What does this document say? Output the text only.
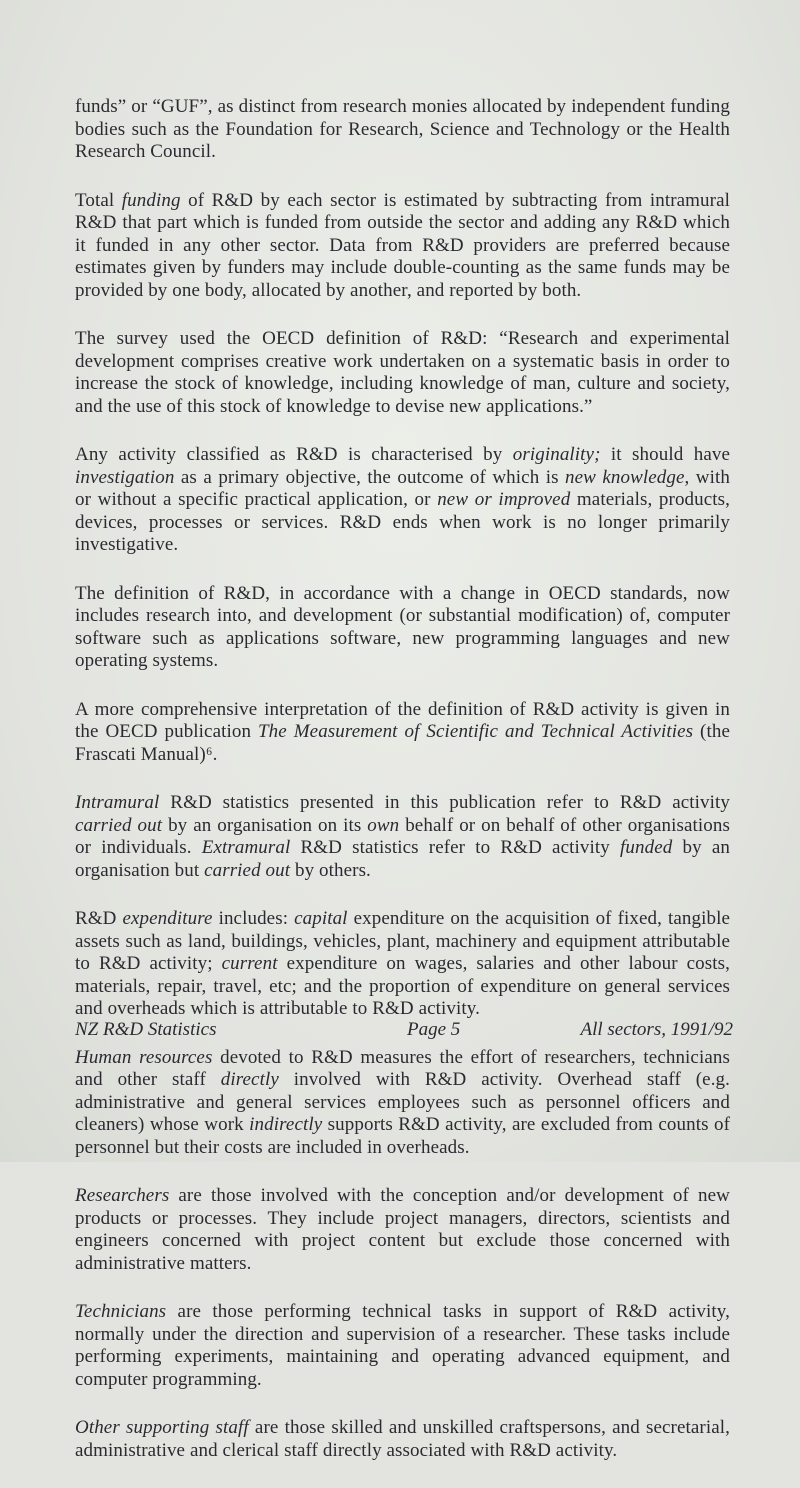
funds” or “GUF”, as distinct from research monies allocated by independent funding bodies such as the Foundation for Research, Science and Technology or the Health Research Council.

Total funding of R&D by each sector is estimated by subtracting from intramural R&D that part which is funded from outside the sector and adding any R&D which it funded in any other sector. Data from R&D providers are preferred because estimates given by funders may include double-counting as the same funds may be provided by one body, allocated by another, and reported by both.

The survey used the OECD definition of R&D: “Research and experimental development comprises creative work undertaken on a systematic basis in order to increase the stock of knowledge, including knowledge of man, culture and society, and the use of this stock of knowledge to devise new applications.”

Any activity classified as R&D is characterised by originality; it should have investigation as a primary objective, the outcome of which is new knowledge, with or without a specific practical application, or new or improved materials, products, devices, processes or services. R&D ends when work is no longer primarily investigative.

The definition of R&D, in accordance with a change in OECD standards, now includes research into, and development (or substantial modification) of, computer software such as applications software, new programming languages and new operating systems.

A more comprehensive interpretation of the definition of R&D activity is given in the OECD publication The Measurement of Scientific and Technical Activities (the Frascati Manual)⁶.

Intramural R&D statistics presented in this publication refer to R&D activity carried out by an organisation on its own behalf or on behalf of other organisations or individuals. Extramural R&D statistics refer to R&D activity funded by an organisation but carried out by others.

R&D expenditure includes: capital expenditure on the acquisition of fixed, tangible assets such as land, buildings, vehicles, plant, machinery and equipment attributable to R&D activity; current expenditure on wages, salaries and other labour costs, materials, repair, travel, etc; and the proportion of expenditure on general services and overheads which is attributable to R&D activity.

Human resources devoted to R&D measures the effort of researchers, technicians and other staff directly involved with R&D activity. Overhead staff (e.g. administrative and general services employees such as personnel officers and cleaners) whose work indirectly supports R&D activity, are excluded from counts of personnel but their costs are included in overheads.

Researchers are those involved with the conception and/or development of new products or processes. They include project managers, directors, scientists and engineers concerned with project content but exclude those concerned with administrative matters.

Technicians are those performing technical tasks in support of R&D activity, normally under the direction and supervision of a researcher. These tasks include performing experiments, maintaining and operating advanced equipment, and computer programming.

Other supporting staff are those skilled and unskilled craftspersons, and secretarial, administrative and clerical staff directly associated with R&D activity.

NZ R&D Statistics	Page 5	All sectors, 1991/92
